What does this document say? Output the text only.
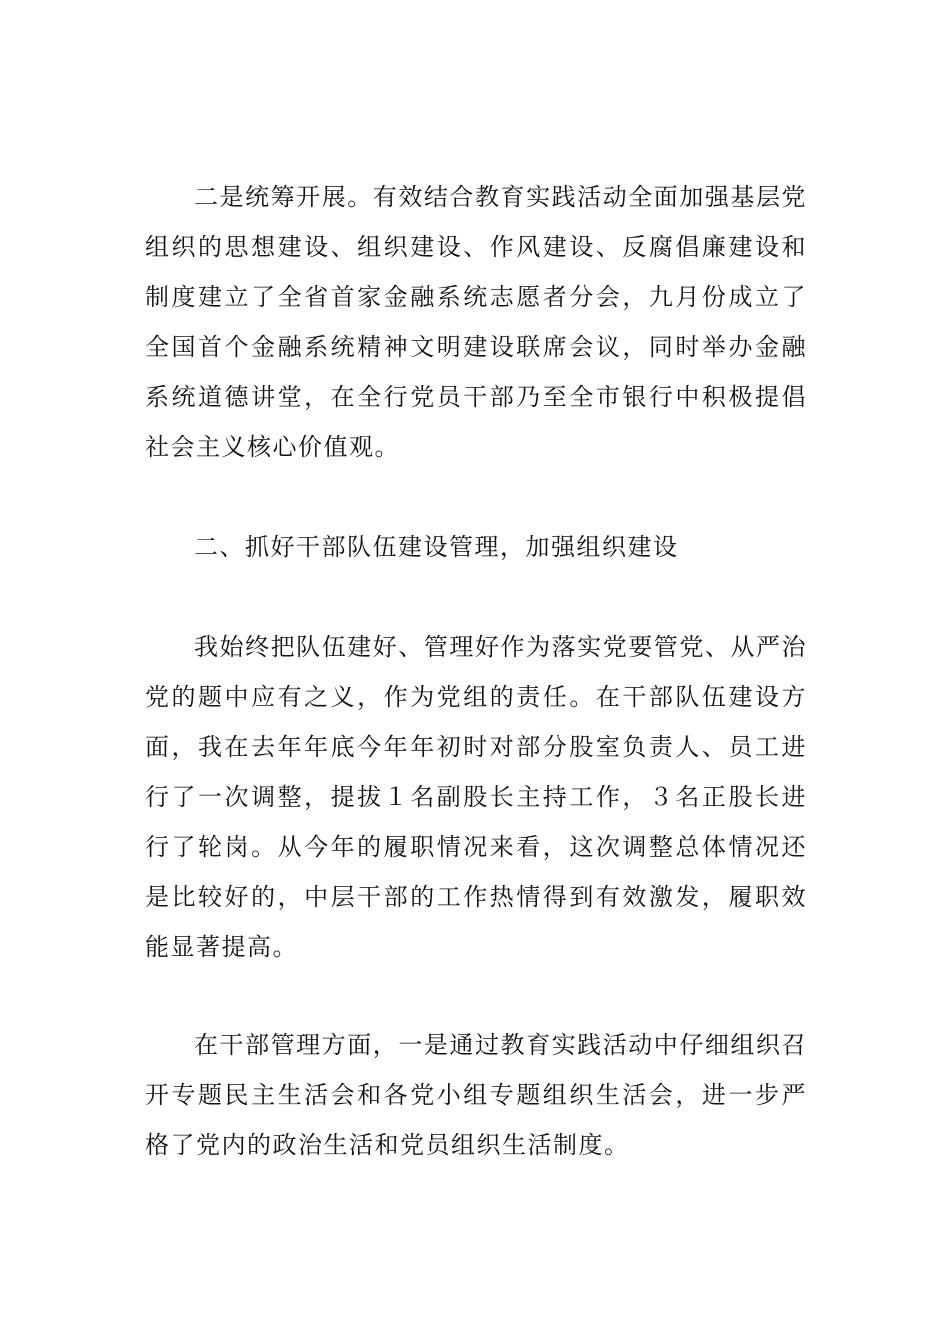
二是统筹开展。有效结合教育实践活动全面加强基层党组织的思想建设、组织建设、作风建设、反腐倡廉建设和制度建立了全省首家金融系统志愿者分会，九月份成立了全国首个金融系统精神文明建设联席会议，同时举办金融系统道德讲堂，在全行党员干部乃至全市银行中积极提倡社会主义核心价值观。

二、抓好干部队伍建设管理，加强组织建设

我始终把队伍建好、管理好作为落实党要管党、从严治党的题中应有之义，作为党组的责任。在干部队伍建设方面，我在去年年底今年年初时对部分股室负责人、员工进行了一次调整，提拔１名副股长主持工作，３名正股长进行了轮岗。从今年的履职情况来看，这次调整总体情况还是比较好的，中层干部的工作热情得到有效激发，履职效能显著提高。

在干部管理方面，一是通过教育实践活动中仔细组织召开专题民主生活会和各党小组专题组织生活会，进一步严格了党内的政治生活和党员组织生活制度。
